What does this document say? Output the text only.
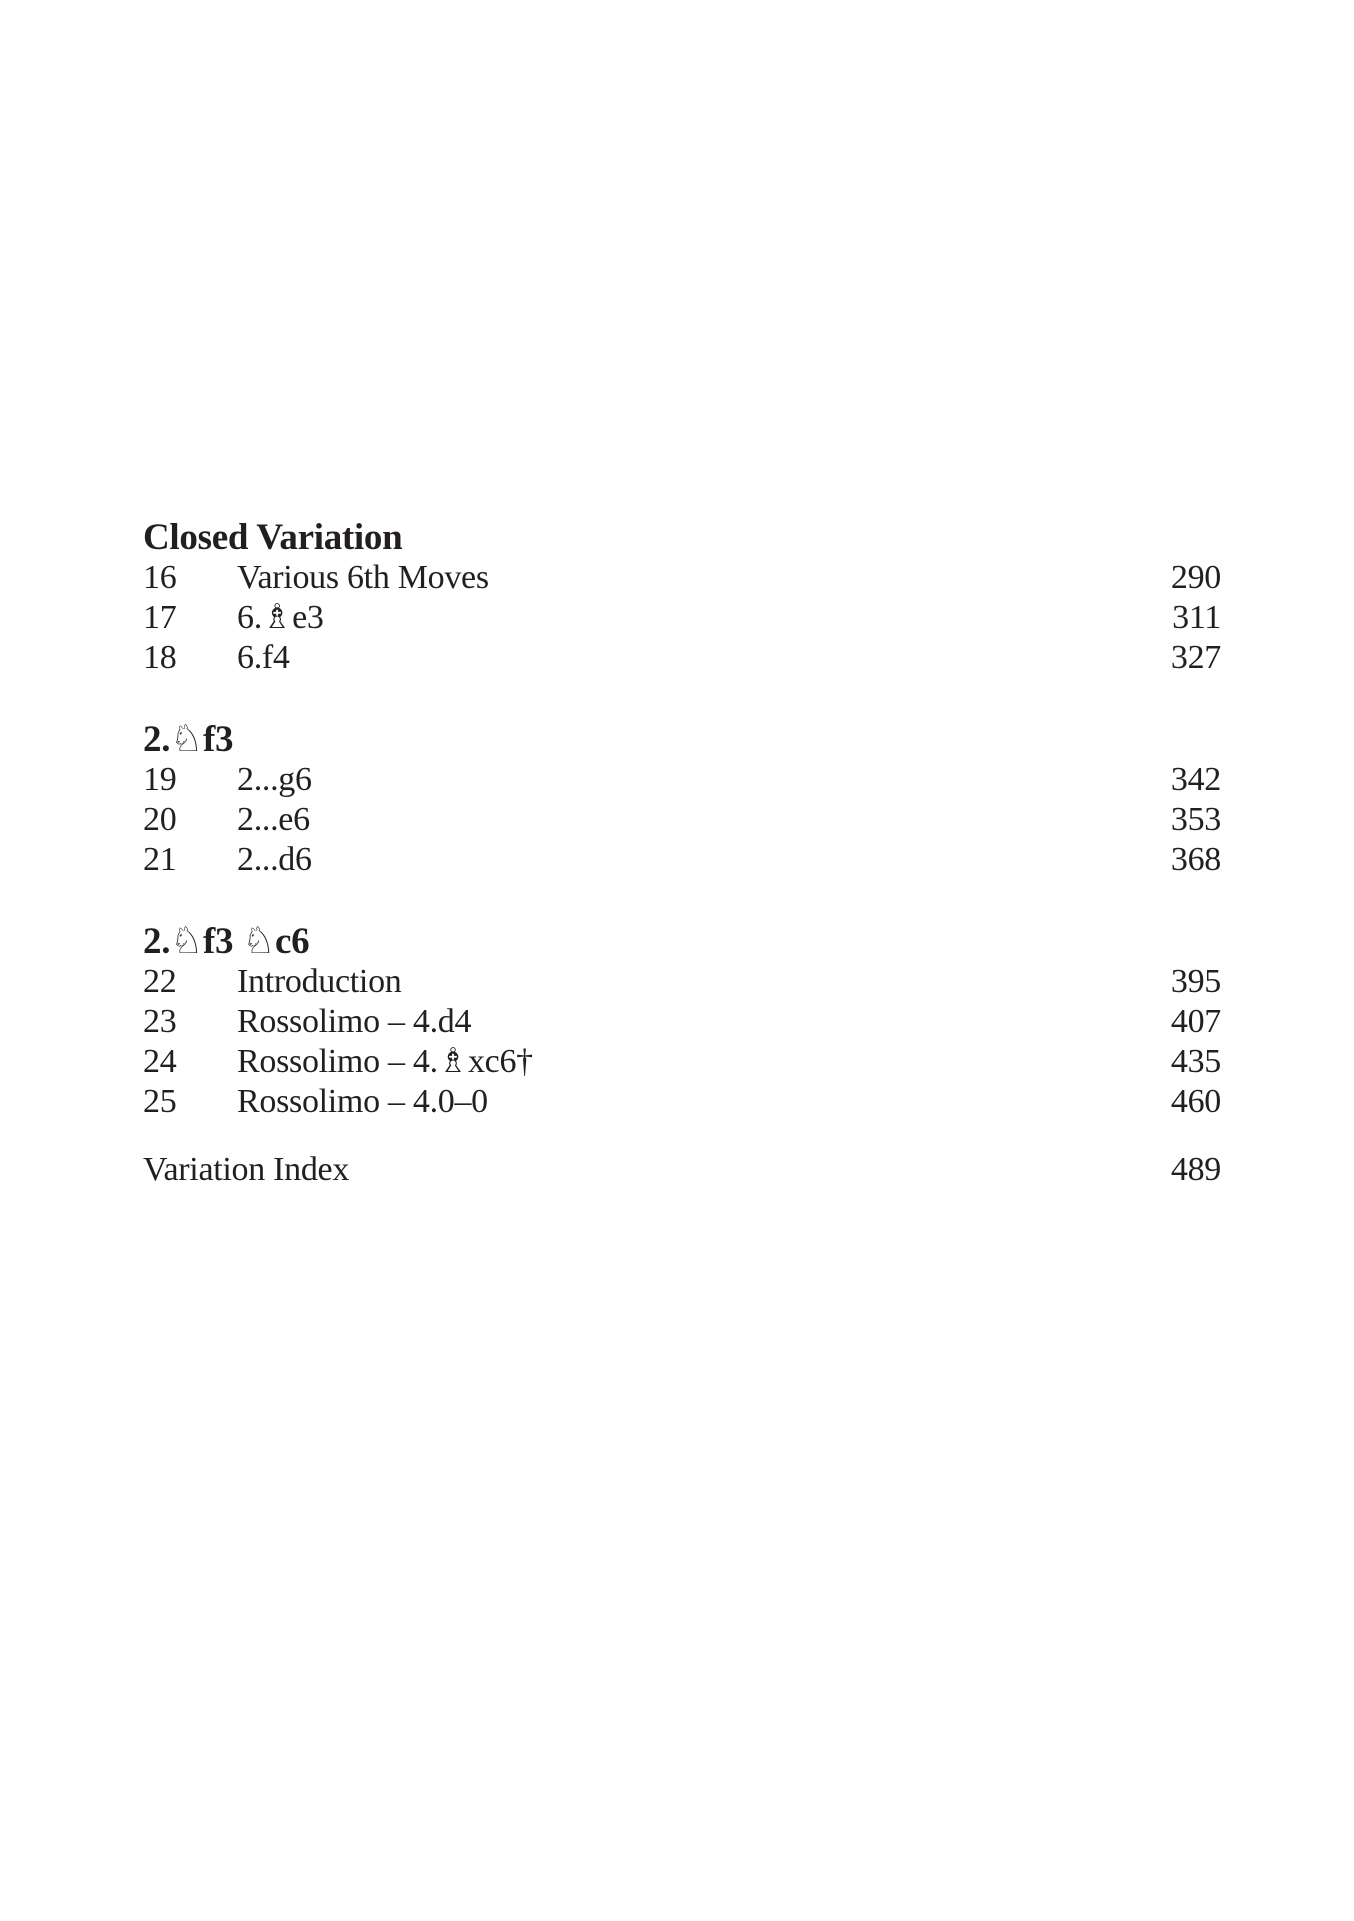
Closed Variation
16	Various 6th Moves	290
17	6.♗e3	311
18	6.f4	327
2.♘f3
19	2...g6	342
20	2...e6	353
21	2...d6	368
2.♘f3 ♘c6
22	Introduction	395
23	Rossolimo – 4.d4	407
24	Rossolimo – 4.♗xc6†	435
25	Rossolimo – 4.0–0	460
Variation Index	489
